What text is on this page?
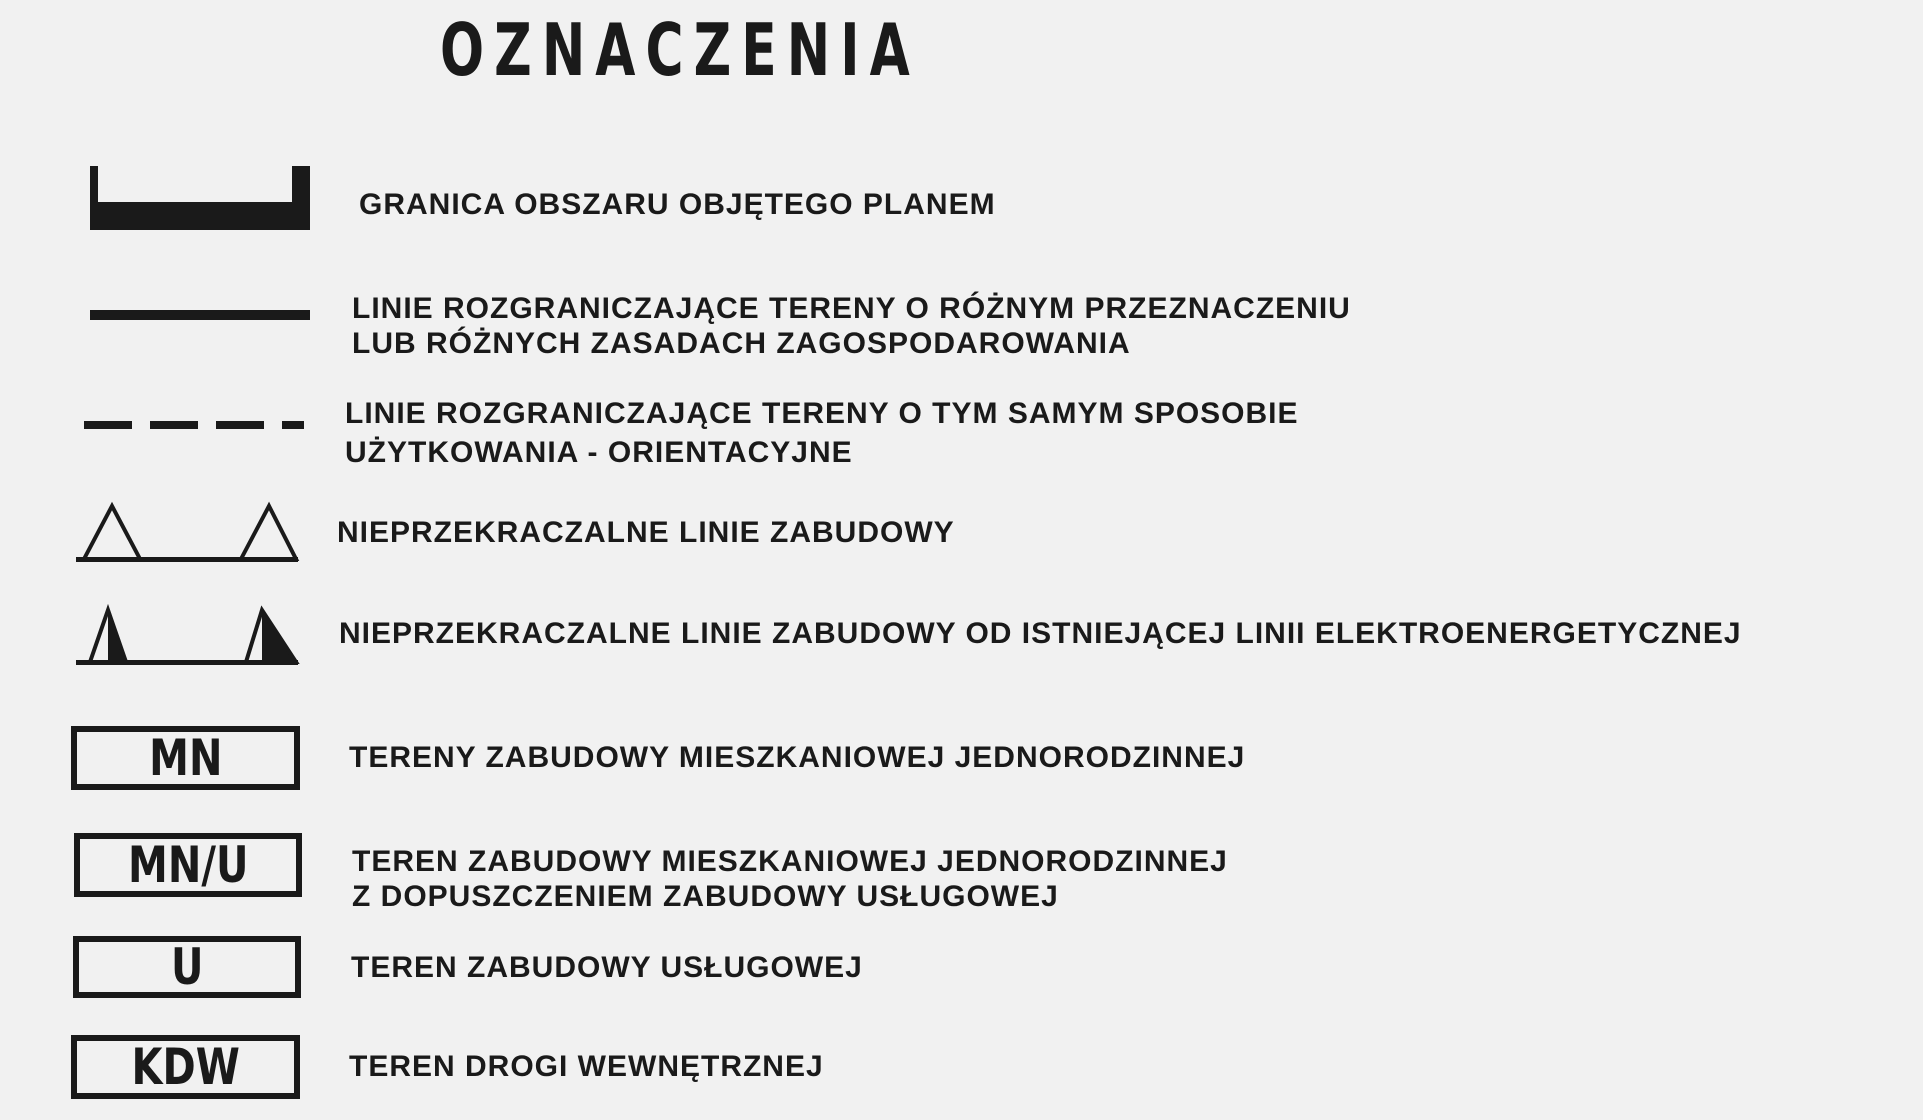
OZNACZENIA
GRANICA OBSZARU OBJĘTEGO PLANEM
LINIE ROZGRANICZAJĄCE TERENY O RÓŻNYM PRZEZNACZENIU
LUB RÓŻNYCH ZASADACH ZAGOSPODAROWANIA
LINIE ROZGRANICZAJĄCE TERENY O TYM SAMYM SPOSOBIE
UŻYTKOWANIA - ORIENTACYJNE
NIEPRZEKRACZALNE LINIE ZABUDOWY
NIEPRZEKRACZALNE LINIE ZABUDOWY OD ISTNIEJĄCEJ LINII ELEKTROENERGETYCZNEJ
MN	TERENY ZABUDOWY MIESZKANIOWEJ JEDNORODZINNEJ
MN/U	TEREN ZABUDOWY MIESZKANIOWEJ JEDNORODZINNEJ
Z DOPUSZCZENIEM ZABUDOWY USŁUGOWEJ
U	TEREN ZABUDOWY USŁUGOWEJ
KDW	TEREN DROGI WEWNĘTRZNEJ
